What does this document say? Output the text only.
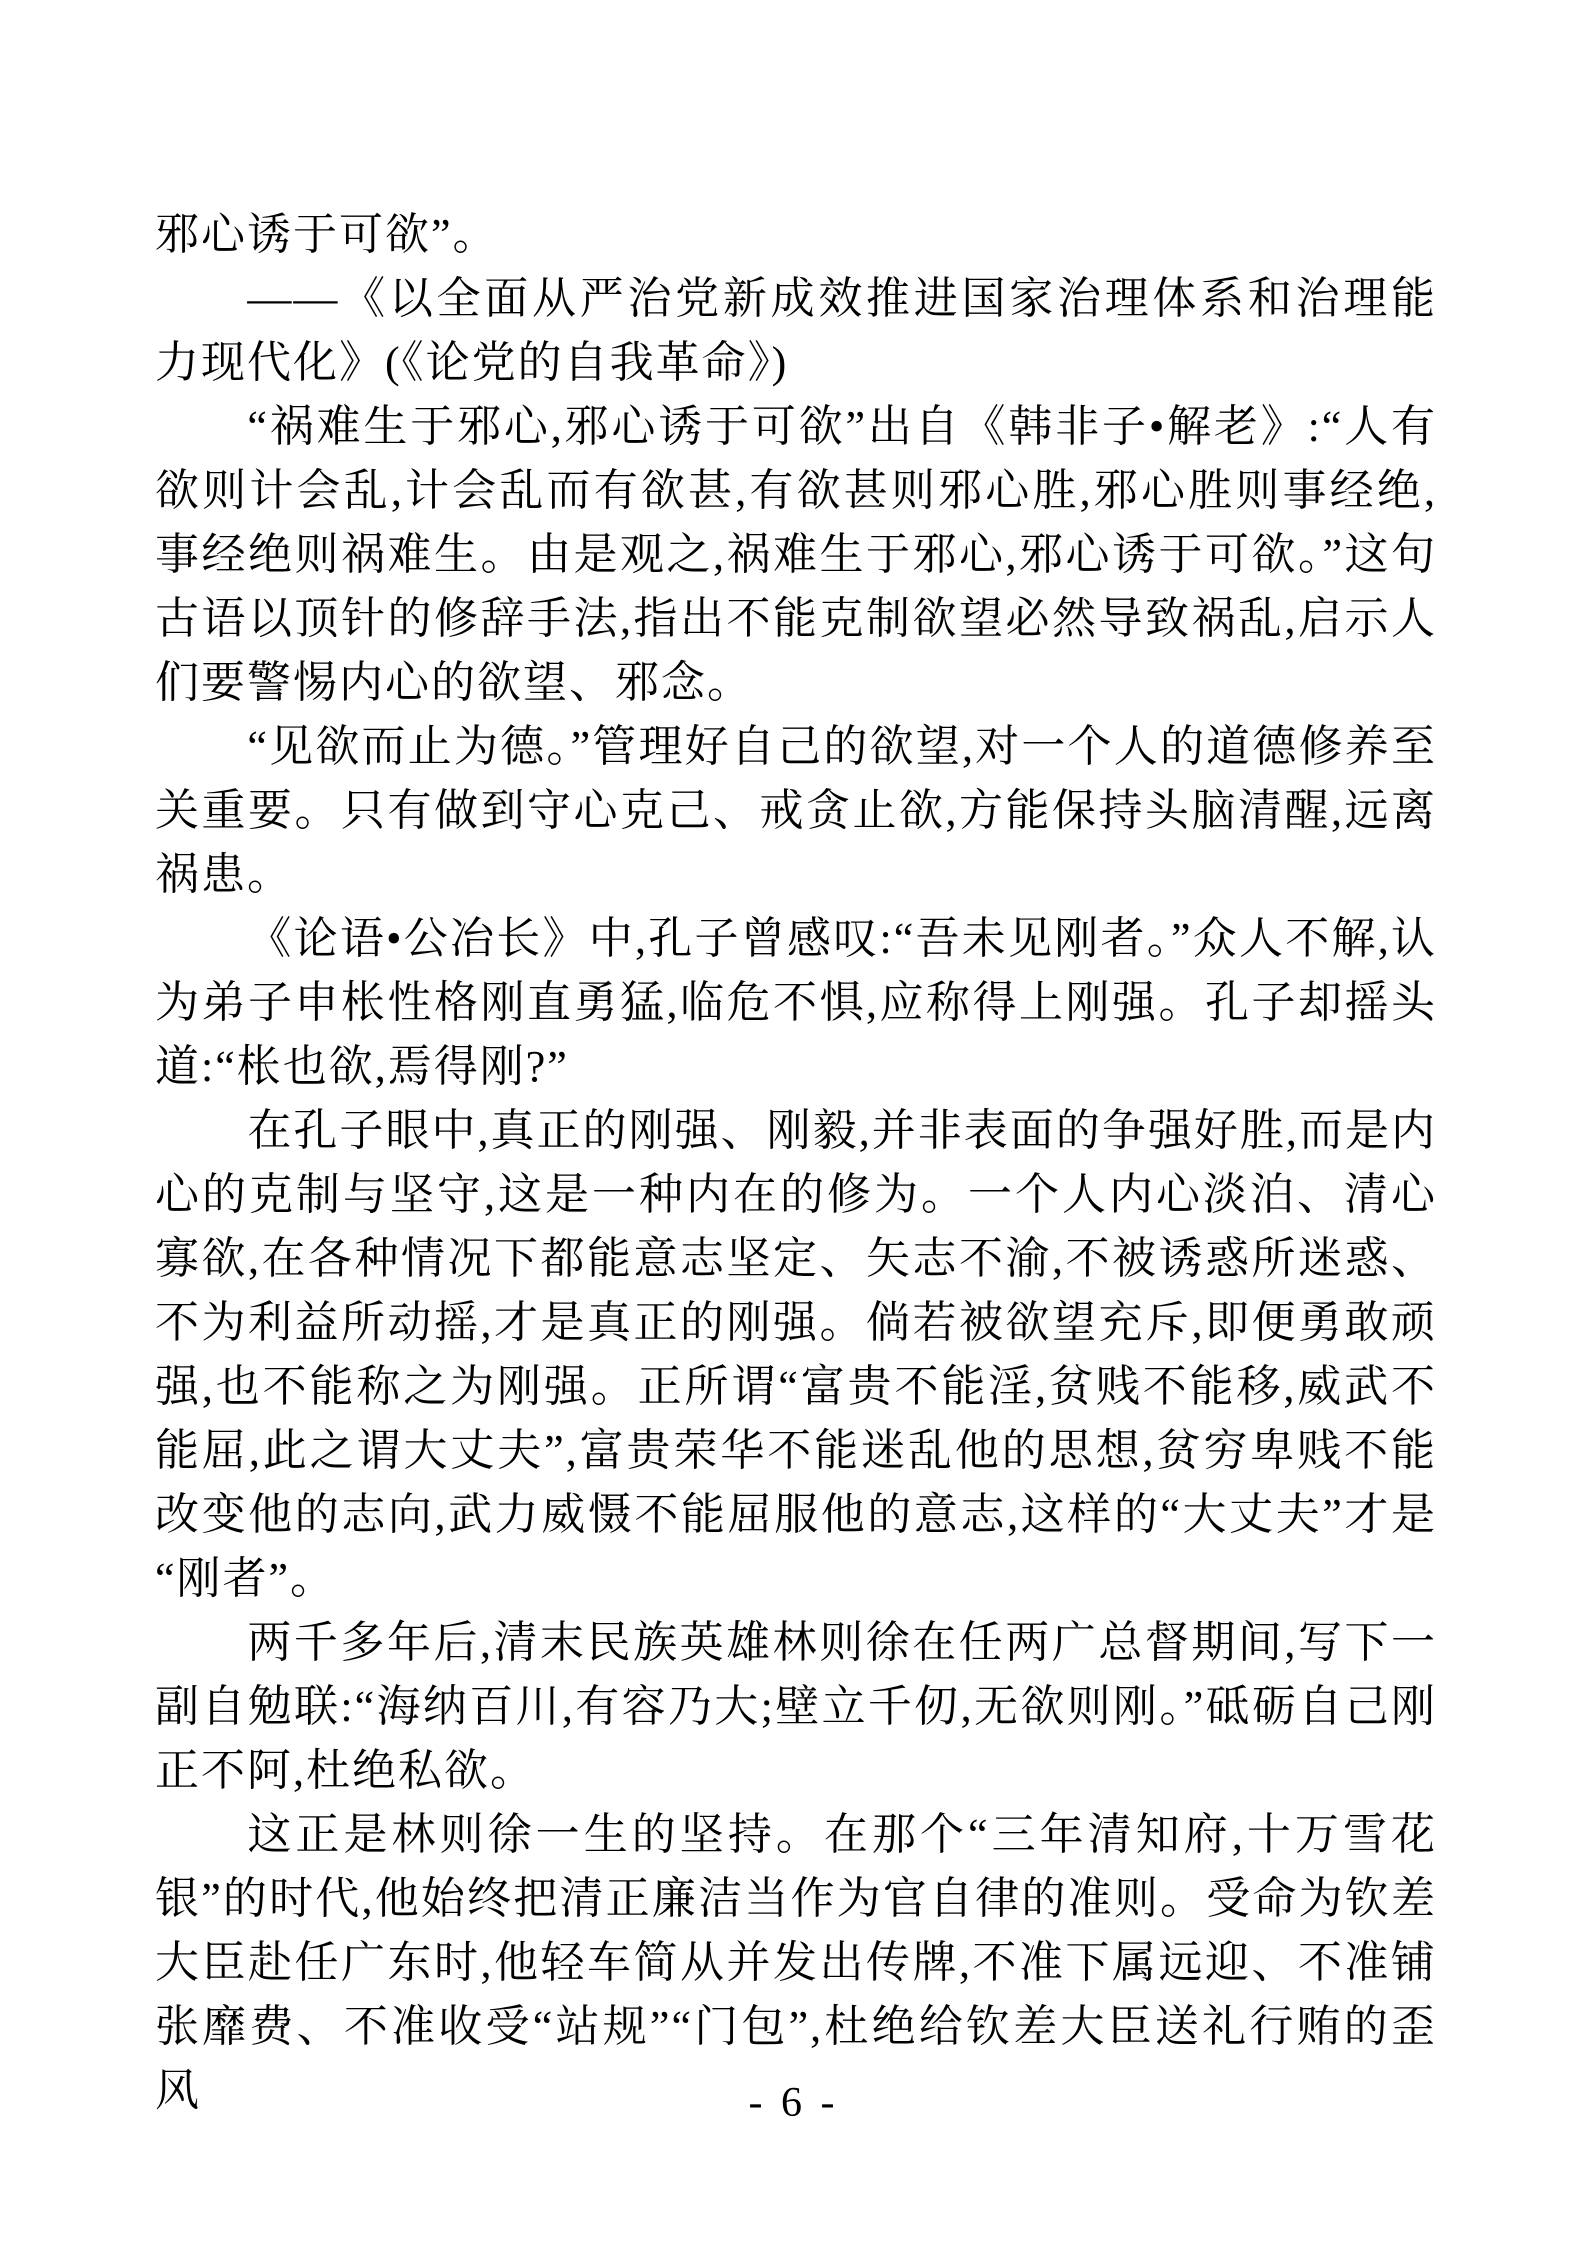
邪心诱于可欲”。

——《以全面从严治党新成效推进国家治理体系和治理能力现代化》(《论党的自我革命》)

“祸难生于邪心,邪心诱于可欲”出自《韩非子•解老》:“人有欲则计会乱,计会乱而有欲甚,有欲甚则邪心胜,邪心胜则事经绝,事经绝则祸难生。由是观之,祸难生于邪心,邪心诱于可欲。”这句古语以顶针的修辞手法,指出不能克制欲望必然导致祸乱,启示人们要警惕内心的欲望、邪念。

“见欲而止为德。”管理好自己的欲望,对一个人的道德修养至关重要。只有做到守心克己、戒贪止欲,方能保持头脑清醒,远离祸患。

《论语•公冶长》中,孔子曾感叹:“吾未见刚者。”众人不解,认为弟子申枨性格刚直勇猛,临危不惧,应称得上刚强。孔子却摇头道:“枨也欲,焉得刚?”

在孔子眼中,真正的刚强、刚毅,并非表面的争强好胜,而是内心的克制与坚守,这是一种内在的修为。一个人内心淡泊、清心寡欲,在各种情况下都能意志坚定、矢志不渝,不被诱惑所迷惑、不为利益所动摇,才是真正的刚强。倘若被欲望充斥,即便勇敢顽强,也不能称之为刚强。正所谓“富贵不能淫,贫贱不能移,威武不能屈,此之谓大丈夫”,富贵荣华不能迷乱他的思想,贫穷卑贱不能改变他的志向,武力威慑不能屈服他的意志,这样的“大丈夫”才是“刚者”。

两千多年后,清末民族英雄林则徐在任两广总督期间,写下一副自勉联:“海纳百川,有容乃大;壁立千仞,无欲则刚。”砥砺自己刚正不阿,杜绝私欲。

这正是林则徐一生的坚持。在那个“三年清知府,十万雪花银”的时代,他始终把清正廉洁当作为官自律的准则。受命为钦差大臣赴任广东时,他轻车简从并发出传牌,不准下属远迎、不准铺张靡费、不准收受“站规”“门包”,杜绝给钦差大臣送礼行贿的歪风	- 6 -
